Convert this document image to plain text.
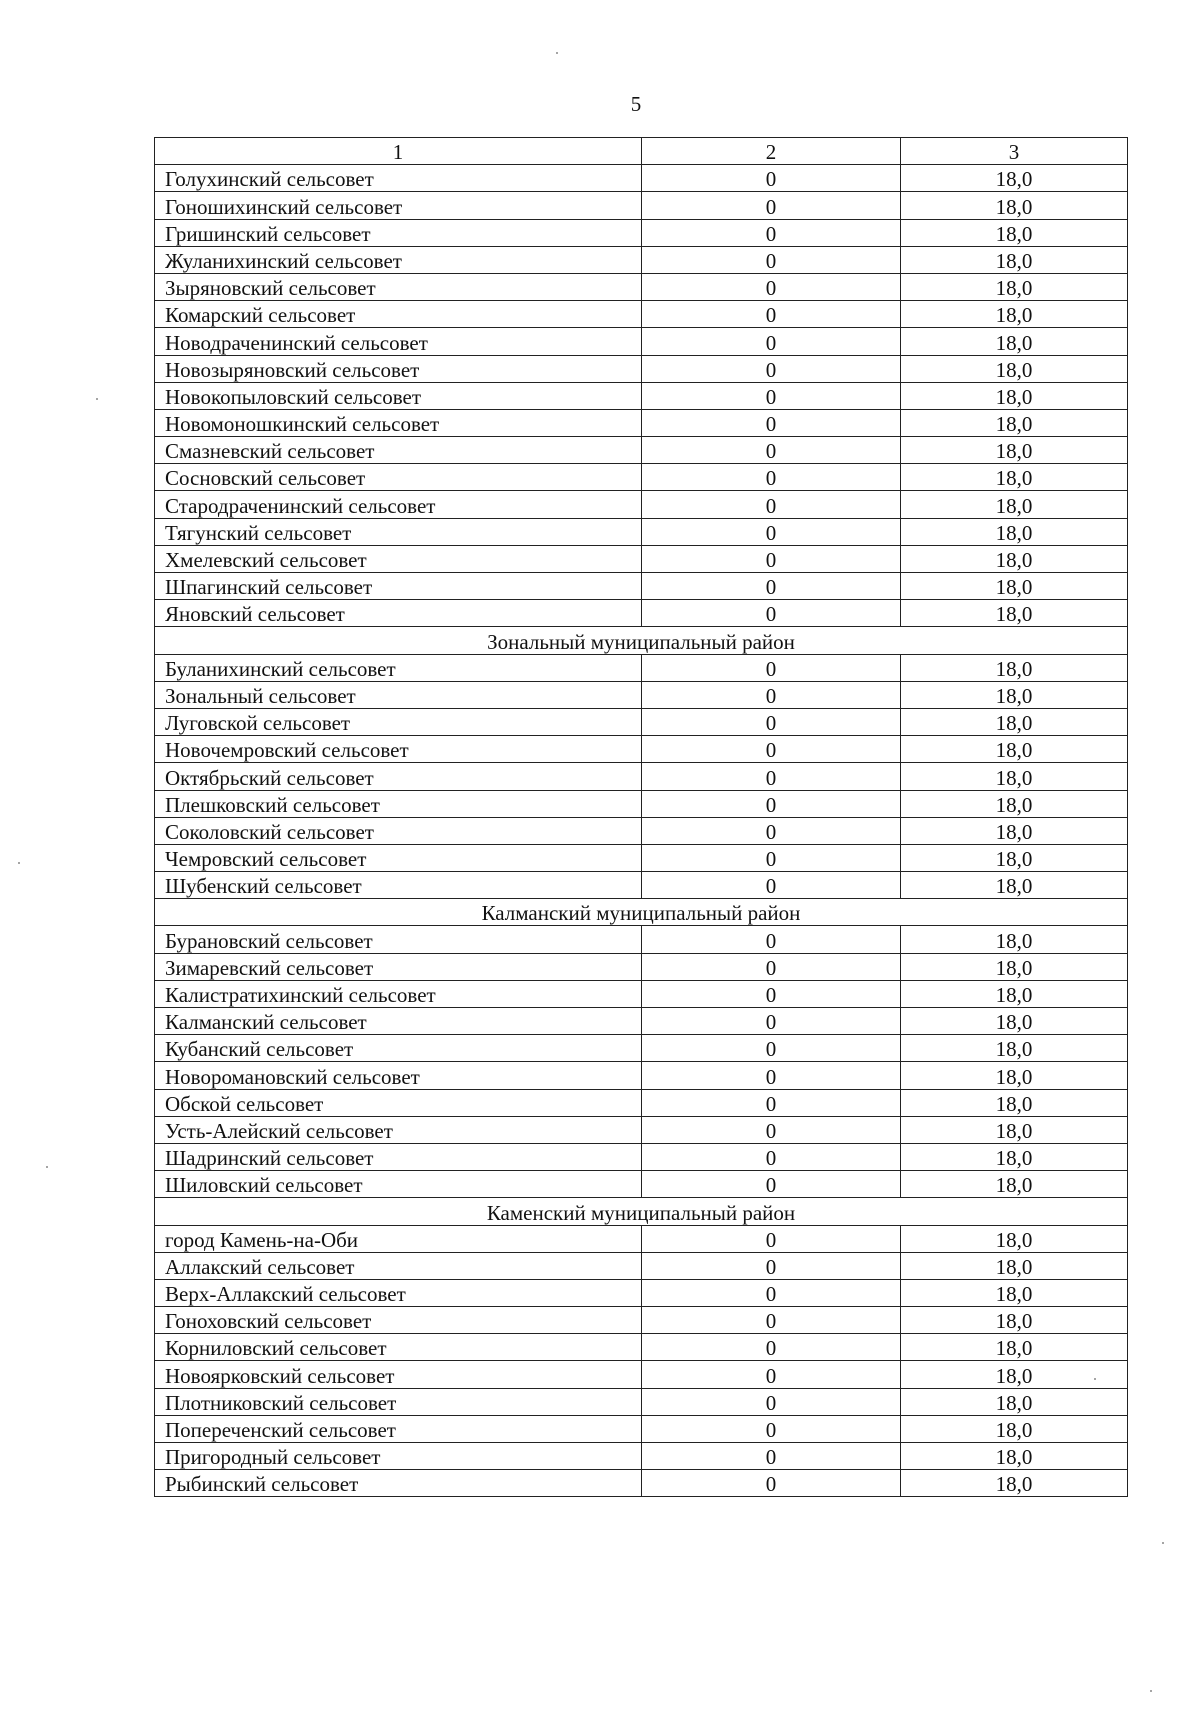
5
1	2	3
Голухинский сельсовет	0	18,0
Гоношихинский сельсовет	0	18,0
Гришинский сельсовет	0	18,0
Жуланихинский сельсовет	0	18,0
Зыряновский сельсовет	0	18,0
Комарский сельсовет	0	18,0
Новодраченинский сельсовет	0	18,0
Новозыряновский сельсовет	0	18,0
Новокопыловский сельсовет	0	18,0
Новомоношкинский сельсовет	0	18,0
Смазневский сельсовет	0	18,0
Сосновский сельсовет	0	18,0
Стародраченинский сельсовет	0	18,0
Тягунский сельсовет	0	18,0
Хмелевский сельсовет	0	18,0
Шпагинский сельсовет	0	18,0
Яновский сельсовет	0	18,0
Зональный муниципальный район		
Буланихинский сельсовет	0	18,0
Зональный сельсовет	0	18,0
Луговской сельсовет	0	18,0
Новочемровский сельсовет	0	18,0
Октябрьский сельсовет	0	18,0
Плешковский сельсовет	0	18,0
Соколовский сельсовет	0	18,0
Чемровский сельсовет	0	18,0
Шубенский сельсовет	0	18,0
Калманский муниципальный район		
Бурановский сельсовет	0	18,0
Зимаревский сельсовет	0	18,0
Калистратихинский сельсовет	0	18,0
Калманский сельсовет	0	18,0
Кубанский сельсовет	0	18,0
Новоромановский сельсовет	0	18,0
Обской сельсовет	0	18,0
Усть-Алейский сельсовет	0	18,0
Шадринский сельсовет	0	18,0
Шиловский сельсовет	0	18,0
Каменский муниципальный район		
город Камень-на-Оби	0	18,0
Аллакский сельсовет	0	18,0
Верх-Аллакский сельсовет	0	18,0
Гоноховский сельсовет	0	18,0
Корниловский сельсовет	0	18,0
Новоярковский сельсовет	0	18,0
Плотниковский сельсовет	0	18,0
Попереченский сельсовет	0	18,0
Пригородный сельсовет	0	18,0
Рыбинский сельсовет	0	18,0
